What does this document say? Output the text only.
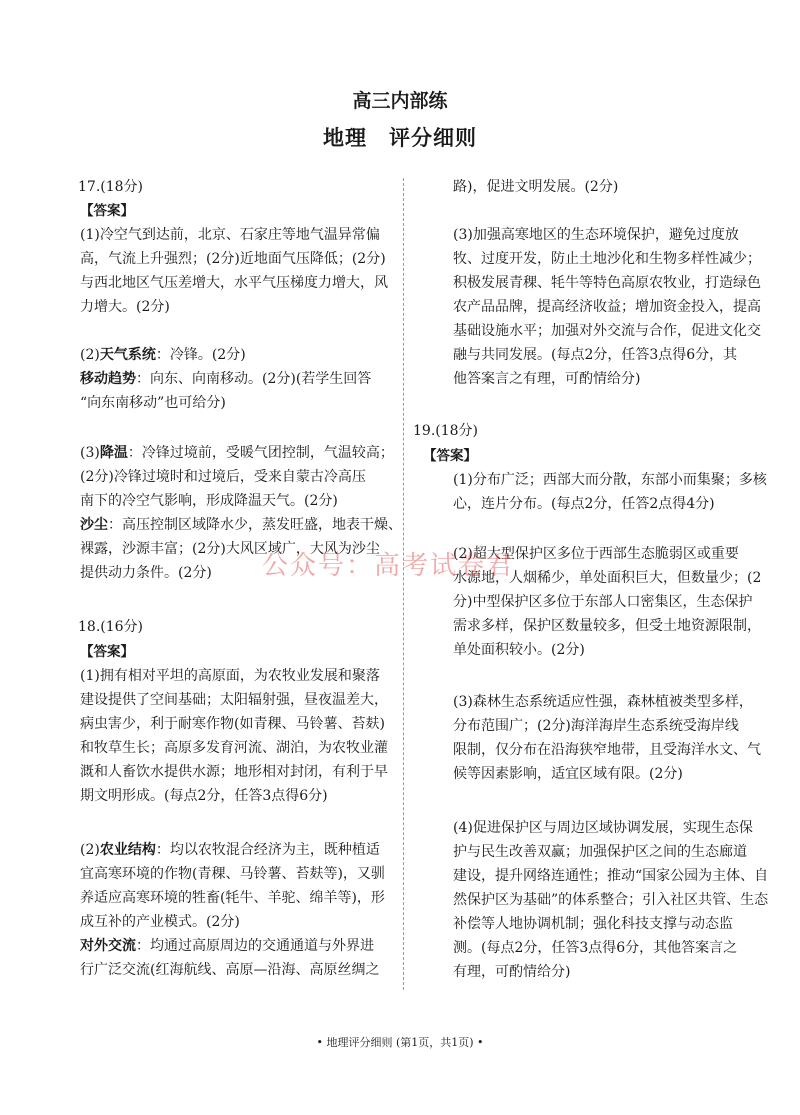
高三内部练
地理 评分细则
17.(18分)
【答案】
(1)冷空气到达前，北京、石家庄等地气温异常偏
高，气流上升强烈；(2分)近地面气压降低；(2分)
与西北地区气压差增大，水平气压梯度力增大，风
力增大。(2分)
(2)天气系统：冷锋。(2分)
移动趋势：向东、向南移动。(2分)(若学生回答
“向东南移动”也可给分)
(3)降温：冷锋过境前，受暖气团控制，气温较高；
(2分)冷锋过境时和过境后，受来自蒙古冷高压
南下的冷空气影响，形成降温天气。(2分)
沙尘：高压控制区域降水少，蒸发旺盛，地表干燥、
裸露，沙源丰富；(2分)大风区域广，大风为沙尘
提供动力条件。(2分)
18.(16分)
【答案】
(1)拥有相对平坦的高原面，为农牧业发展和聚落
建设提供了空间基础；太阳辐射强，昼夜温差大，
病虫害少，利于耐寒作物(如青稞、马铃薯、苔麸)
和牧草生长；高原多发育河流、湖泊，为农牧业灌
溉和人畜饮水提供水源；地形相对封闭，有利于早
期文明形成。(每点2分，任答3点得6分)
(2)农业结构：均以农牧混合经济为主，既种植适
宜高寒环境的作物(青稞、马铃薯、苔麸等)，又驯
养适应高寒环境的牲畜(牦牛、羊驼、绵羊等)，形
成互补的产业模式。(2分)
对外交流：均通过高原周边的交通通道与外界进
行广泛交流(红海航线、高原—沿海、高原丝绸之
路)，促进文明发展。(2分)
(3)加强高寒地区的生态环境保护，避免过度放
牧、过度开发，防止土地沙化和生物多样性减少；
积极发展青稞、牦牛等特色高原农牧业，打造绿色
农产品品牌，提高经济收益；增加资金投入，提高
基础设施水平；加强对外交流与合作，促进文化交
融与共同发展。(每点2分，任答3点得6分，其
他答案言之有理，可酌情给分)
19.(18分)
【答案】
(1)分布广泛；西部大而分散，东部小而集聚；多核
心，连片分布。(每点2分，任答2点得4分)
(2)超大型保护区多位于西部生态脆弱区或重要
水源地，人烟稀少，单处面积巨大，但数量少；(2
分)中型保护区多位于东部人口密集区，生态保护
需求多样，保护区数量较多，但受土地资源限制，
单处面积较小。(2分)
(3)森林生态系统适应性强，森林植被类型多样，
分布范围广；(2分)海洋海岸生态系统受海岸线
限制，仅分布在沿海狭窄地带，且受海洋水文、气
候等因素影响，适宜区域有限。(2分)
(4)促进保护区与周边区域协调发展，实现生态保
护与民生改善双赢；加强保护区之间的生态廊道
建设，提升网络连通性；推动“国家公园为主体、自
然保护区为基础”的体系整合；引入社区共管、生态
补偿等人地协调机制；强化科技支撑与动态监
测。(每点2分，任答3点得6分，其他答案言之
有理，可酌情给分)
公众号：高考试卷君
• 地理评分细则 (第1页，共1页) •
